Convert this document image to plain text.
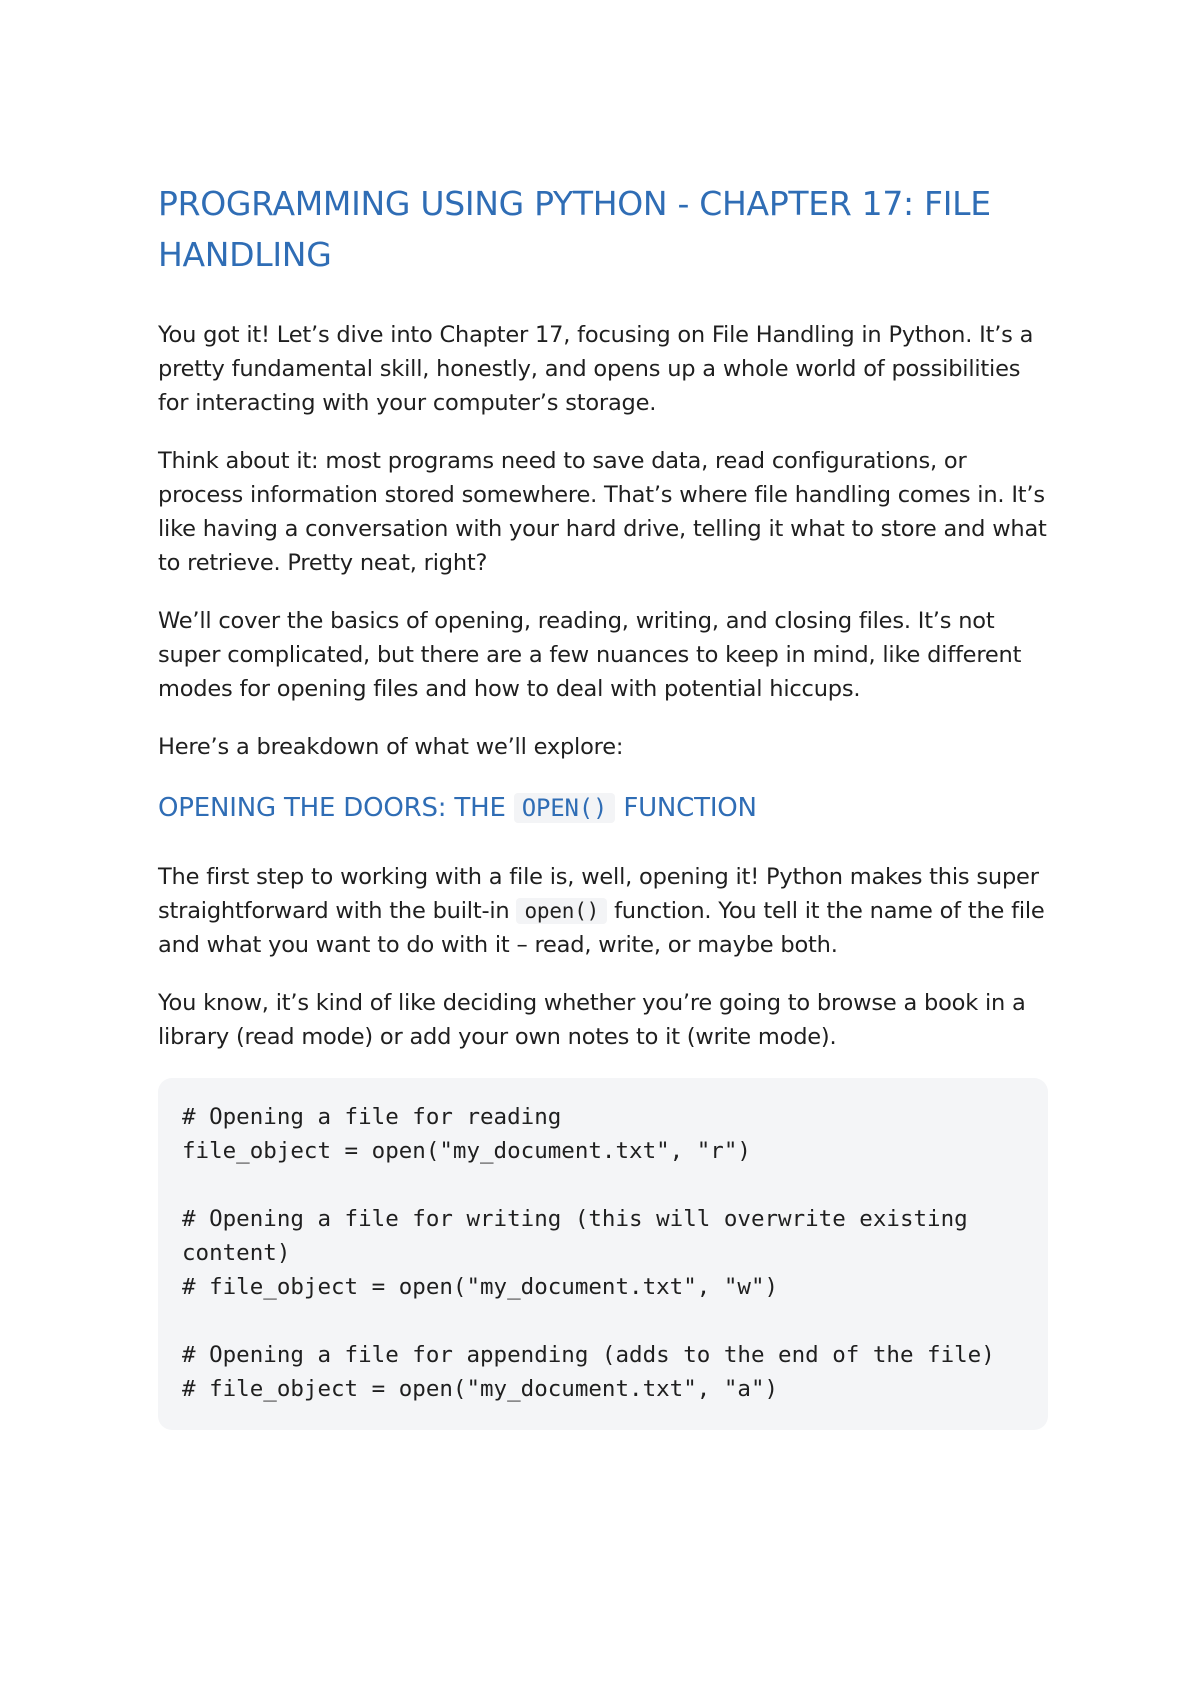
PROGRAMMING USING PYTHON - CHAPTER 17: FILE HANDLING

You got it! Let’s dive into Chapter 17, focusing on File Handling in Python. It’s a pretty fundamental skill, honestly, and opens up a whole world of possibilities for interacting with your computer’s storage.

Think about it: most programs need to save data, read configurations, or process information stored somewhere. That’s where file handling comes in. It’s like having a conversation with your hard drive, telling it what to store and what to retrieve. Pretty neat, right?

We’ll cover the basics of opening, reading, writing, and closing files. It’s not super complicated, but there are a few nuances to keep in mind, like different modes for opening files and how to deal with potential hiccups.

Here’s a breakdown of what we’ll explore:

OPENING THE DOORS: THE OPEN() FUNCTION

The first step to working with a file is, well, opening it! Python makes this super straightforward with the built-in open() function. You tell it the name of the file and what you want to do with it – read, write, or maybe both.

You know, it’s kind of like deciding whether you’re going to browse a book in a library (read mode) or add your own notes to it (write mode).

# Opening a file for reading
file_object = open("my_document.txt", "r")

# Opening a file for writing (this will overwrite existing content)
# file_object = open("my_document.txt", "w")

# Opening a file for appending (adds to the end of the file)
# file_object = open("my_document.txt", "a")
